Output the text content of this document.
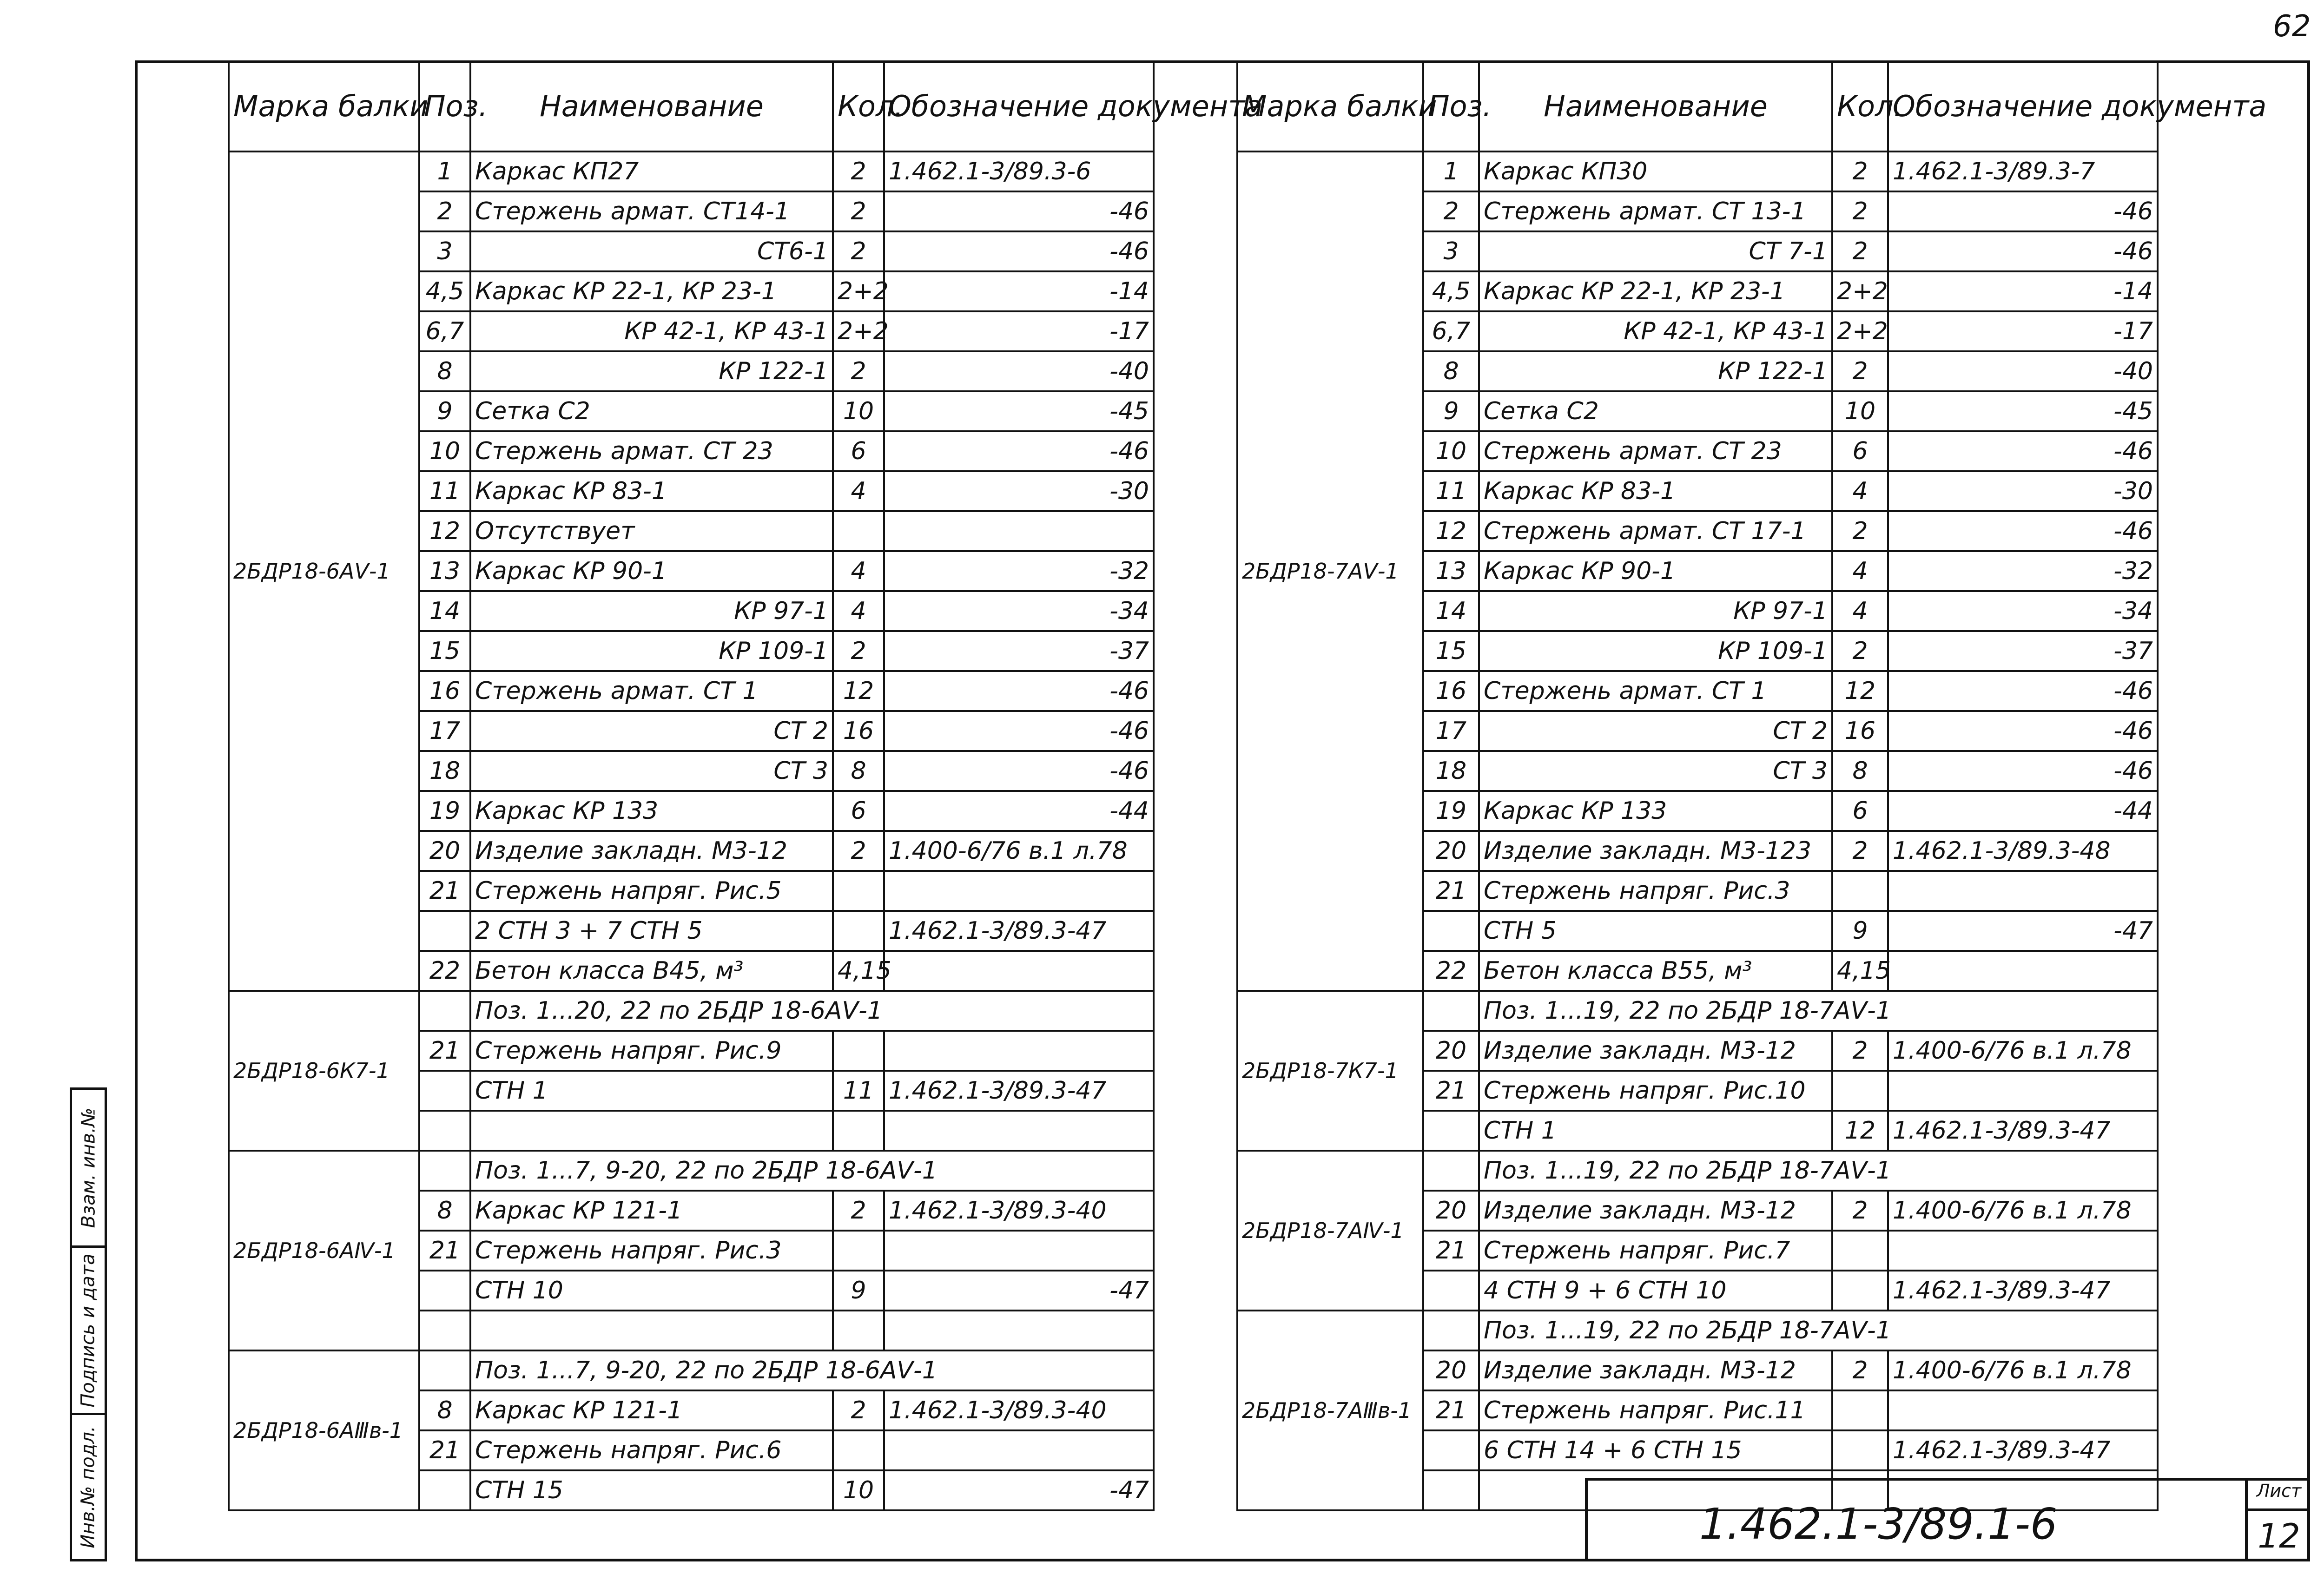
62
Взам. инв.№
Подпись и дата
Инв.№ подл.
Марка балки	Поз.	Наименование	Кол.	Обозначение документа
2БДР18-6АⅤ-1	1	Каркас КП27	2	1.462.1-3/89.3-6
	2	Стержень армат. СТ14-1	2	-46
	3	СТ6-1	2	-46
	4,5	Каркас КР 22-1, КР 23-1	2+2	-14
	6,7	КР 42-1, КР 43-1	2+2	-17
	8	КР 122-1	2	-40
	9	Сетка С2	10	-45
	10	Стержень армат. СТ 23	6	-46
	11	Каркас КР 83-1	4	-30
	12	Отсутствует		
	13	Каркас КР 90-1	4	-32
	14	КР 97-1	4	-34
	15	КР 109-1	2	-37
	16	Стержень армат. СТ 1	12	-46
	17	СТ 2	16	-46
	18	СТ 3	8	-46
	19	Каркас КР 133	6	-44
	20	Изделие закладн. М3-12	2	1.400-6/76 в.1 л.78
	21	Стержень напряг. Рис.5		
		2 СТН 3 + 7 СТН 5		1.462.1-3/89.3-47
	22	Бетон класса В45, м³	4,15	
2БДР18-6К7-1		Поз. 1...20, 22 по 2БДР 18-6АⅤ-1		
	21	Стержень напряг. Рис.9		
		СТН 1	11	1.462.1-3/89.3-47

2БДР18-6АⅣ-1		Поз. 1...7, 9-20, 22 по 2БДР 18-6АⅤ-1		
	8	Каркас КР 121-1	2	1.462.1-3/89.3-40
	21	Стержень напряг. Рис.3		
		СТН 10	9	-47

2БДР18-6АⅢв-1		Поз. 1...7, 9-20, 22 по 2БДР 18-6АⅤ-1		
	8	Каркас КР 121-1	2	1.462.1-3/89.3-40
	21	Стержень напряг. Рис.6		
		СТН 15	10	-47
Марка балки	Поз.	Наименование	Кол.	Обозначение документа
2БДР18-7АⅤ-1	1	Каркас КП30	2	1.462.1-3/89.3-7
	2	Стержень армат. СТ 13-1	2	-46
	3	СТ 7-1	2	-46
	4,5	Каркас КР 22-1, КР 23-1	2+2	-14
	6,7	КР 42-1, КР 43-1	2+2	-17
	8	КР 122-1	2	-40
	9	Сетка С2	10	-45
	10	Стержень армат. СТ 23	6	-46
	11	Каркас КР 83-1	4	-30
	12	Стержень армат. СТ 17-1	2	-46
	13	Каркас КР 90-1	4	-32
	14	КР 97-1	4	-34
	15	КР 109-1	2	-37
	16	Стержень армат. СТ 1	12	-46
	17	СТ 2	16	-46
	18	СТ 3	8	-46
	19	Каркас КР 133	6	-44
	20	Изделие закладн. М3-123	2	1.462.1-3/89.3-48
	21	Стержень напряг. Рис.3		
		СТН 5	9	-47
	22	Бетон класса В55, м³	4,15	
2БДР18-7К7-1		Поз. 1...19, 22 по 2БДР 18-7АⅤ-1		
	20	Изделие закладн. М3-12	2	1.400-6/76 в.1 л.78
	21	Стержень напряг. Рис.10		
		СТН 1	12	1.462.1-3/89.3-47
2БДР18-7АⅣ-1		Поз. 1...19, 22 по 2БДР 18-7АⅤ-1		
	20	Изделие закладн. М3-12	2	1.400-6/76 в.1 л.78
	21	Стержень напряг. Рис.7		
		4 СТН 9 + 6 СТН 10		1.462.1-3/89.3-47
2БДР18-7АⅢв-1		Поз. 1...19, 22 по 2БДР 18-7АⅤ-1		
	20	Изделие закладн. М3-12	2	1.400-6/76 в.1 л.78
	21	Стержень напряг. Рис.11		
		6 СТН 14 + 6 СТН 15		1.462.1-3/89.3-47

1.462.1-3/89.1-6
Лист
12
